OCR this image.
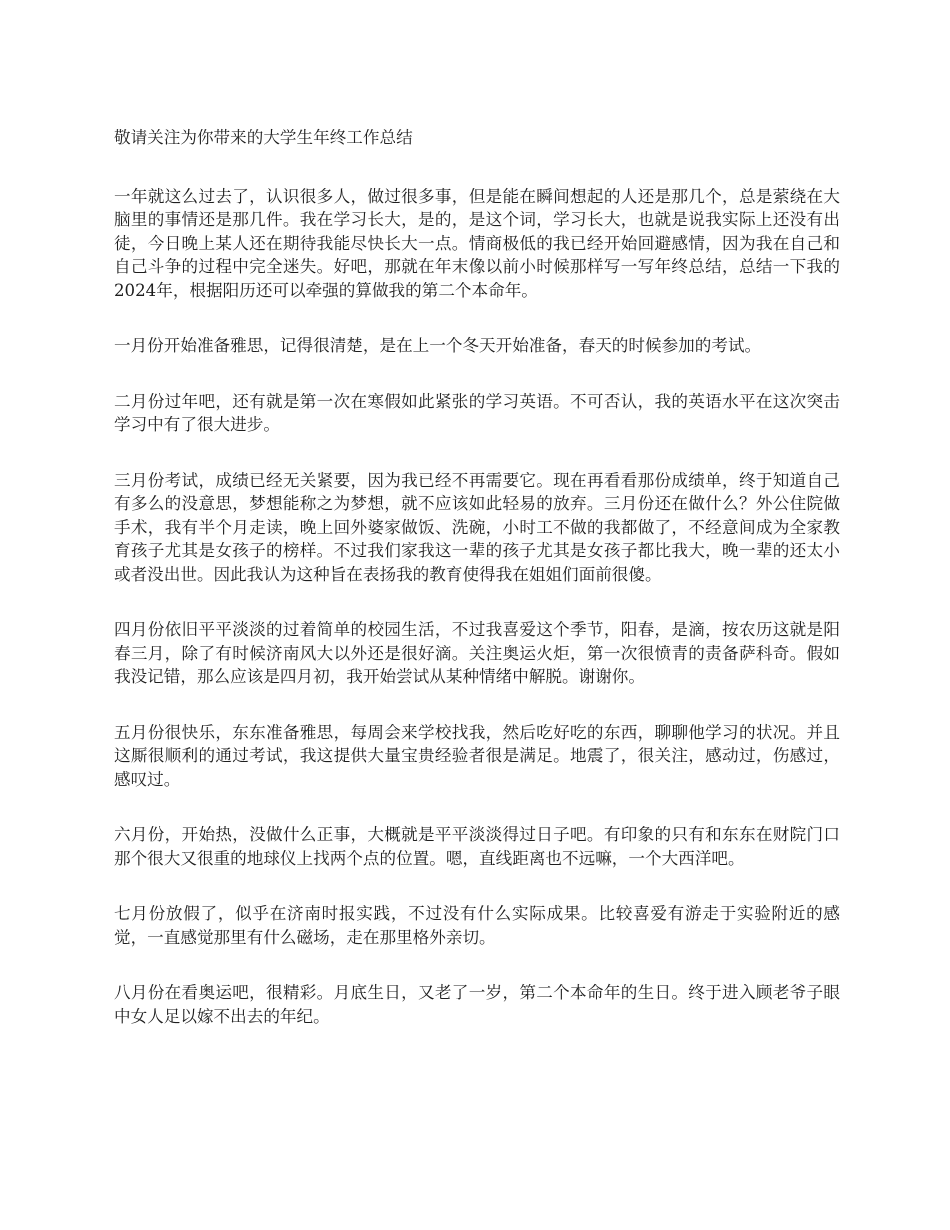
敬请关注为你带来的大学生年终工作总结

一年就这么过去了，认识很多人，做过很多事，但是能在瞬间想起的人还是那几个，总是萦绕在大脑里的事情还是那几件。我在学习长大，是的，是这个词，学习长大，也就是说我实际上还没有出徒，今日晚上某人还在期待我能尽快长大一点。情商极低的我已经开始回避感情，因为我在自己和自己斗争的过程中完全迷失。好吧，那就在年末像以前小时候那样写一写年终总结，总结一下我的2024年，根据阳历还可以牵强的算做我的第二个本命年。

一月份开始准备雅思，记得很清楚，是在上一个冬天开始准备，春天的时候参加的考试。

二月份过年吧，还有就是第一次在寒假如此紧张的学习英语。不可否认，我的英语水平在这次突击学习中有了很大进步。

三月份考试，成绩已经无关紧要，因为我已经不再需要它。现在再看看那份成绩单，终于知道自己有多么的没意思，梦想能称之为梦想，就不应该如此轻易的放弃。三月份还在做什么？外公住院做手术，我有半个月走读，晚上回外婆家做饭、洗碗，小时工不做的我都做了，不经意间成为全家教育孩子尤其是女孩子的榜样。不过我们家我这一辈的孩子尤其是女孩子都比我大，晚一辈的还太小或者没出世。因此我认为这种旨在表扬我的教育使得我在姐姐们面前很傻。

四月份依旧平平淡淡的过着简单的校园生活，不过我喜爱这个季节，阳春，是滴，按农历这就是阳春三月，除了有时候济南风大以外还是很好滴。关注奥运火炬，第一次很愤青的责备萨科奇。假如我没记错，那么应该是四月初，我开始尝试从某种情绪中解脱。谢谢你。

五月份很快乐，东东准备雅思，每周会来学校找我，然后吃好吃的东西，聊聊他学习的状况。并且这厮很顺利的通过考试，我这提供大量宝贵经验者很是满足。地震了，很关注，感动过，伤感过，感叹过。

六月份，开始热，没做什么正事，大概就是平平淡淡得过日子吧。有印象的只有和东东在财院门口那个很大又很重的地球仪上找两个点的位置。嗯，直线距离也不远嘛，一个大西洋吧。

七月份放假了，似乎在济南时报实践，不过没有什么实际成果。比较喜爱有游走于实验附近的感觉，一直感觉那里有什么磁场，走在那里格外亲切。

八月份在看奥运吧，很精彩。月底生日，又老了一岁，第二个本命年的生日。终于进入顾老爷子眼中女人足以嫁不出去的年纪。
